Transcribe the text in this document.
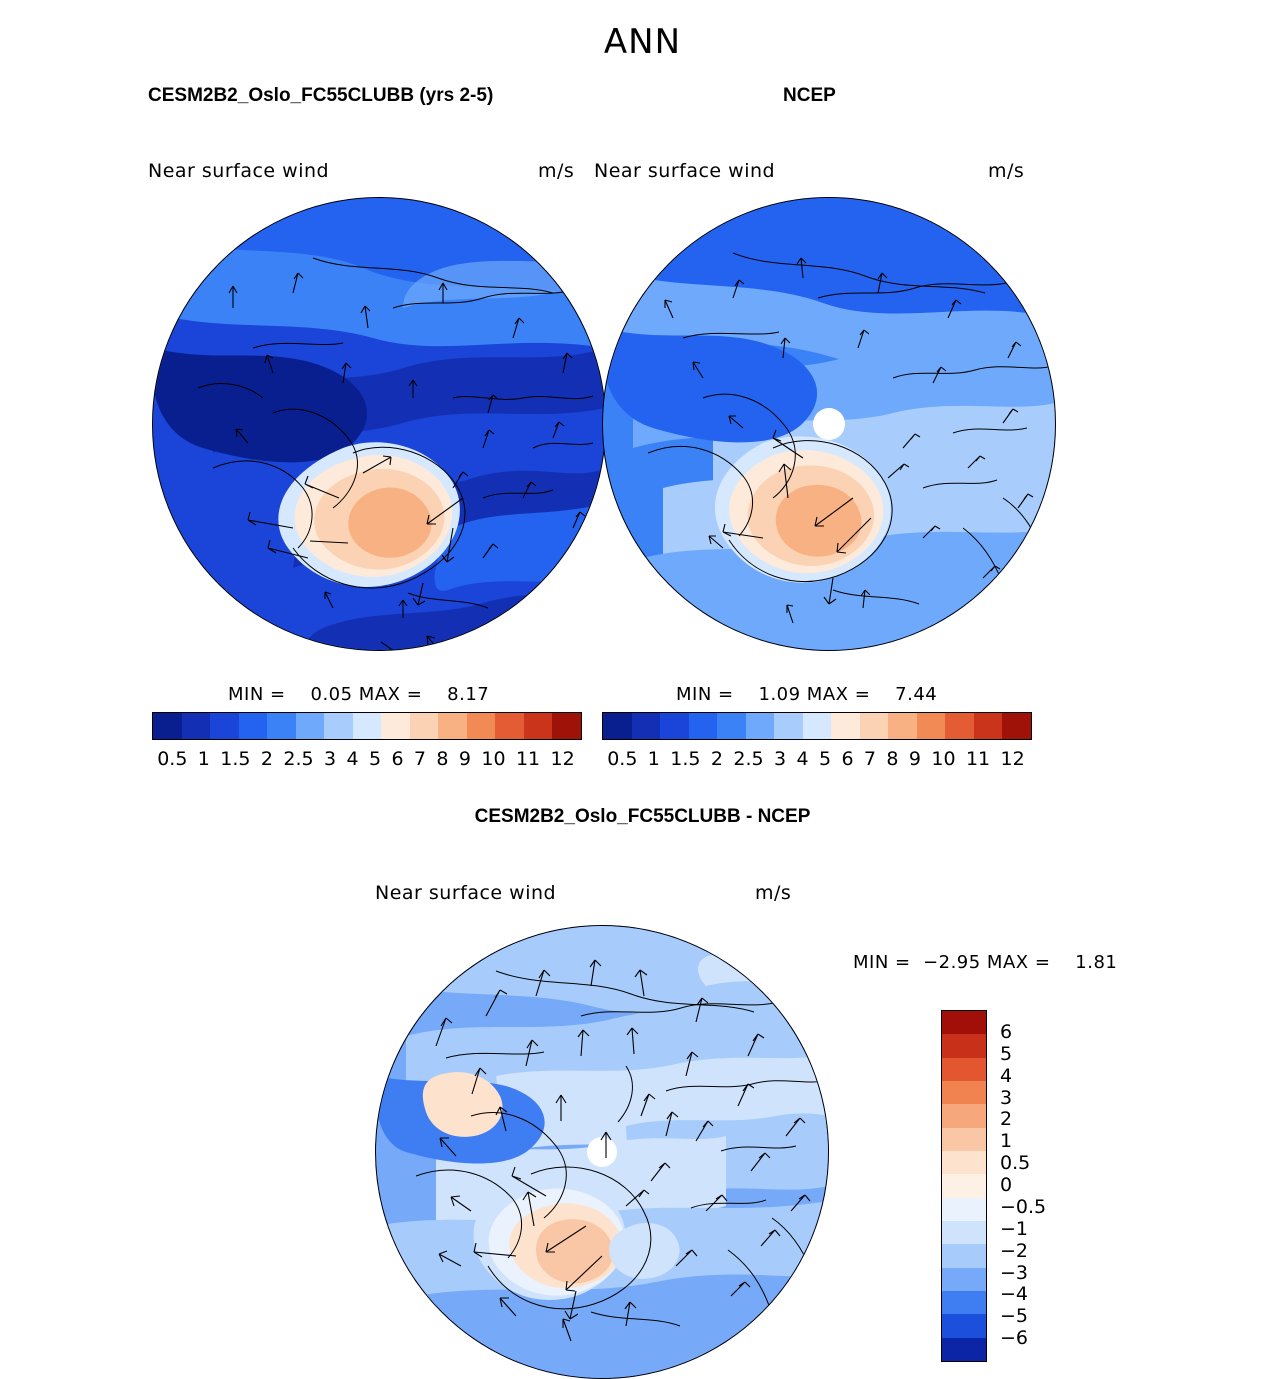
ANN
CESM2B2_Oslo_FC55CLUBB (yrs 2-5)	NCEP
Near surface wind	m/s Near surface wind	m/s
MIN =    0.05 MAX =    8.17	MIN =    1.09 MAX =    7.44
0.5 1 1.5 2 2.5 3 4 5 6 7 8 9 10 11 12 0.5 1 1.5 2 2.5 3 4 5 6 7 8 9 10 11 12
CESM2B2_Oslo_FC55CLUBB - NCEP
Near surface wind	m/s
MIN =  −2.95 MAX =    1.81
6
5
4
3
2
1
0.5
0
−0.5
−1
−2
−3
−4
−5
−6
